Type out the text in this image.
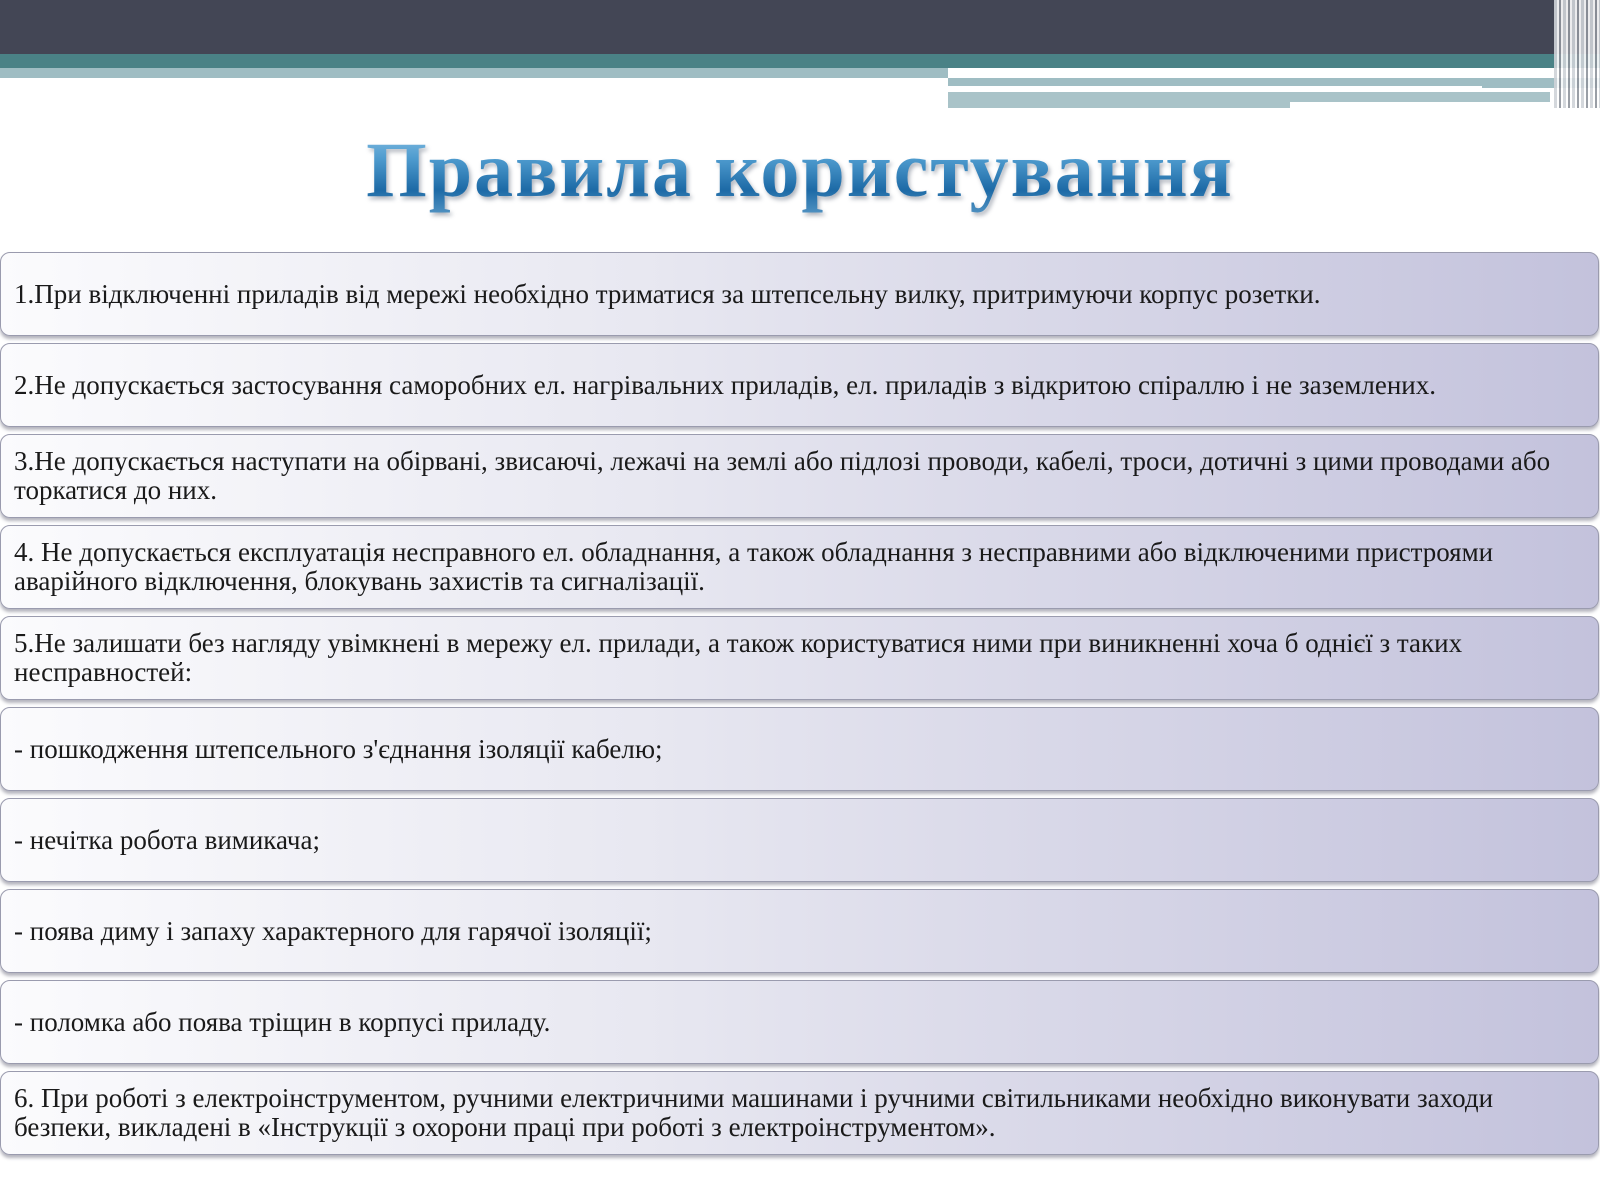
Правила користування
1.При відключенні приладів від мережі необхідно триматися за штепсельну вилку, притримуючи корпус розетки.
2.Не допускається застосування саморобних ел. нагрівальних приладів, ел. приладів з відкритою спіраллю і не заземлених.
3.Не допускається наступати на обірвані, звисаючі, лежачі на землі або підлозі проводи, кабелі, троси, дотичні з цими проводами або торкатися до них.
4. Не допускається експлуатація несправного ел. обладнання, а також обладнання з несправними або відключеними пристроями аварійного відключення, блокувань захистів та сигналізації.
5.Не залишати без нагляду увімкнені в мережу ел. прилади, а також користуватися ними при виникненні хоча б однієї з таких несправностей:
- пошкодження штепсельного з'єднання ізоляції кабелю;
- нечітка робота вимикача;
- поява диму і запаху характерного для гарячої ізоляції;
- поломка або поява тріщин в корпусі приладу.
6. При роботі з електроінструментом, ручними електричними машинами і ручними світильниками необхідно виконувати заходи безпеки, викладені в «Інструкції з охорони праці при роботі з електроінструментом».
